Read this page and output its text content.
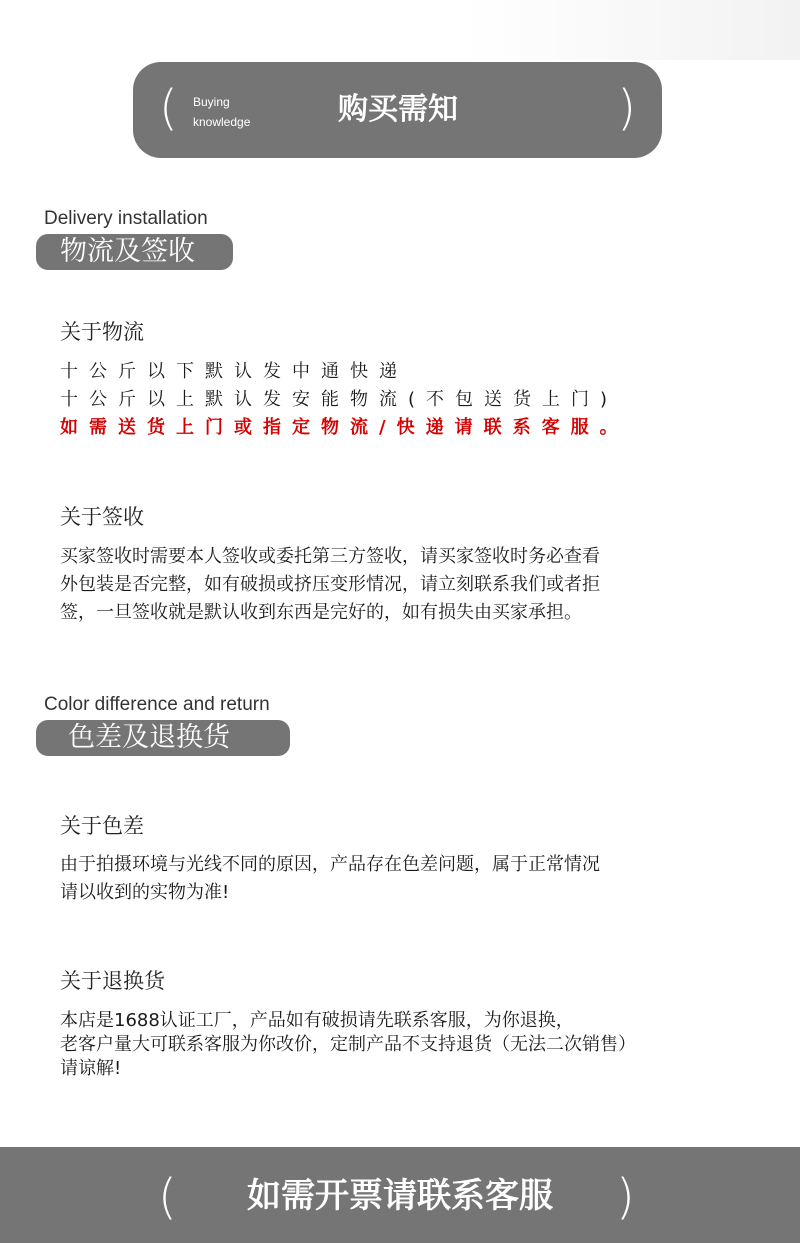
( Buying
knowledge	购买需知	)
Delivery installation
物流及签收
关于物流
十公斤以下默认发中通快递
十公斤以上默认发安能物流(不包送货上门)
如需送货上门或指定物流/快递请联系客服。
关于签收
买家签收时需要本人签收或委托第三方签收，请买家签收时务必查看
外包装是否完整，如有破损或挤压变形情况，请立刻联系我们或者拒
签，一旦签收就是默认收到东西是完好的，如有损失由买家承担。
Color difference and return
色差及退换货
关于色差
由于拍摄环境与光线不同的原因，产品存在色差问题，属于正常情况
请以收到的实物为准!
关于退换货
本店是1688认证工厂，产品如有破损请先联系客服，为你退换，
老客户量大可联系客服为你改价，定制产品不支持退货（无法二次销售）
请谅解!
(	如需开票请联系客服	)
